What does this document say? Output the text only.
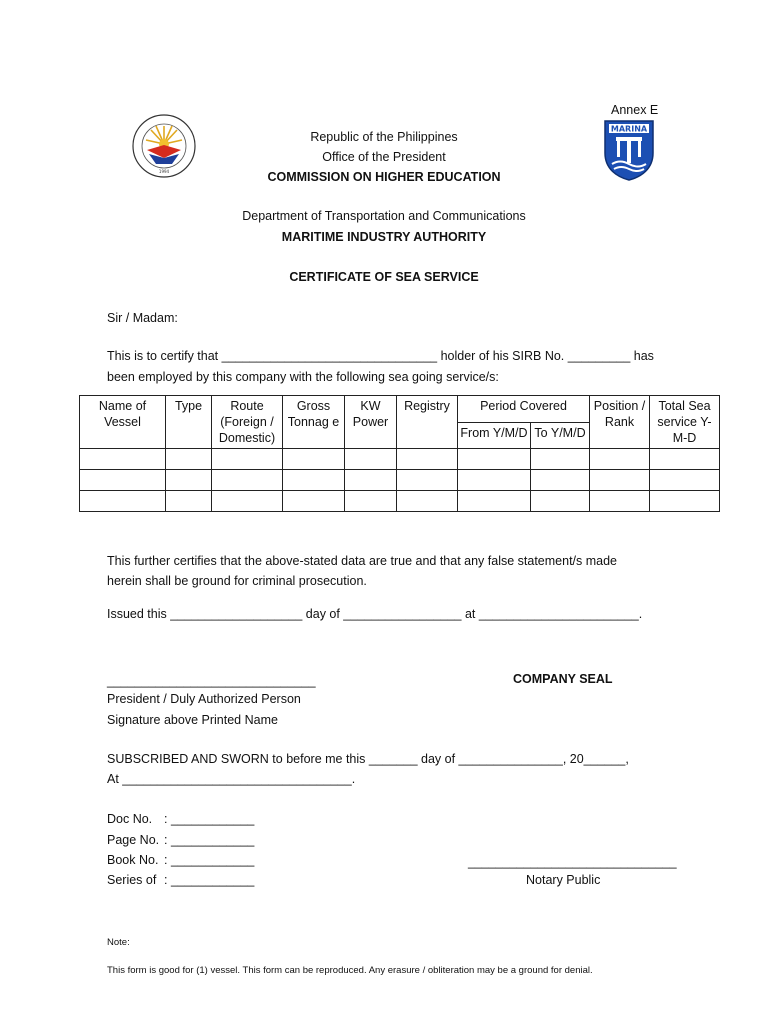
Annex E
1994
MARINA
Republic of the Philippines
Office of the President
COMMISSION ON HIGHER EDUCATION
Department of Transportation and Communications
MARITIME INDUSTRY AUTHORITY
CERTIFICATE OF SEA SERVICE
Sir / Madam:
This is to certify that _______________________________ holder of his SIRB No. _________ has
been employed by this company with the following sea going service/s:
Name of Vessel	Type	Route (Foreign / Domestic)	Gross Tonnag e	KW Power	Registry	Period Covered		Position / Rank	Total Sea service Y-M-D
						From Y/M/D	To Y/M/D		

This further certifies that the above-stated data are true and that any false statement/s made
herein shall be ground for criminal prosecution.
Issued this ___________________ day of _________________ at _______________________.
______________________________
President / Duly Authorized Person
Signature above Printed Name
COMPANY SEAL
SUBSCRIBED AND SWORN to before me this _______ day of _______________, 20______,
At _________________________________.
Doc No. : ____________
Page No. : ____________
Book No. : ____________
Series of : ____________
______________________________
Notary Public
Note:
This form is good for (1) vessel. This form can be reproduced. Any erasure / obliteration may be a ground for denial.
